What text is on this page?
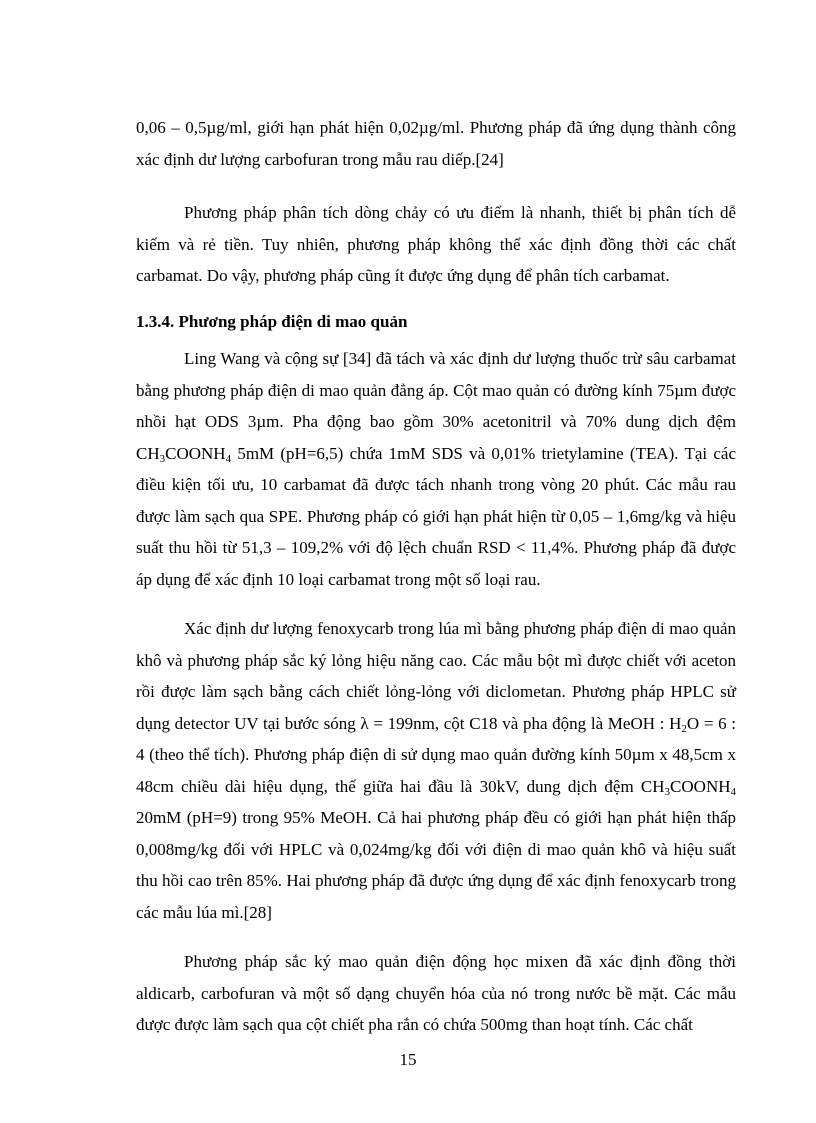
0,06 – 0,5µg/ml, giới hạn phát hiện 0,02µg/ml. Phương pháp đã ứng dụng thành công xác định dư lượng carbofuran trong mẫu rau diếp.[24]

Phương pháp phân tích dòng chảy có ưu điểm là nhanh, thiết bị phân tích dễ kiếm và rẻ tiền. Tuy nhiên, phương pháp không thể xác định đồng thời các chất carbamat. Do vậy, phương pháp cũng ít được ứng dụng để phân tích carbamat.

1.3.4. Phương pháp điện di mao quản

Ling Wang và cộng sự [34] đã tách và xác định dư lượng thuốc trừ sâu carbamat bằng phương pháp điện di mao quản đẳng áp. Cột mao quản có đường kính 75µm được nhồi hạt ODS 3µm. Pha động bao gồm 30% acetonitril và 70% dung dịch đệm $CH_3COONH_4$ 5mM (pH=6,5) chứa 1mM SDS và 0,01% trietylamine (TEA). Tại các điều kiện tối ưu, 10 carbamat đã được tách nhanh trong vòng 20 phút. Các mẫu rau được làm sạch qua SPE. Phương pháp có giới hạn phát hiện từ 0,05 – 1,6mg/kg và hiệu suất thu hồi từ 51,3 – 109,2% với độ lệch chuẩn RSD < 11,4%. Phương pháp đã được áp dụng để xác định 10 loại carbamat trong một số loại rau.

Xác định dư lượng fenoxycarb trong lúa mì bằng phương pháp điện di mao quản khô và phương pháp sắc ký lỏng hiệu năng cao. Các mẫu bột mì được chiết với aceton rồi được làm sạch bằng cách chiết lỏng-lỏng với diclometan. Phương pháp HPLC sử dụng detector UV tại bước sóng λ = 199nm, cột C18 và pha động là MeOH : $H_2O = 6$ : 4 (theo thể tích). Phương pháp điện di sử dụng mao quản đường kính 50µm x 48,5cm x 48cm chiều dài hiệu dụng, thế giữa hai đầu là 30kV, dung dịch đệm $CH_3COONH_4$ 20mM (pH=9) trong 95% MeOH. Cả hai phương pháp đều có giới hạn phát hiện thấp 0,008mg/kg đối với HPLC và 0,024mg/kg đối với điện di mao quản khô và hiệu suất thu hồi cao trên 85%. Hai phương pháp đã được ứng dụng để xác định fenoxycarb trong các mẫu lúa mì.[28]

Phương pháp sắc ký mao quản điện động học mixen đã xác định đồng thời aldicarb, carbofuran và một số dạng chuyển hóa của nó trong nước bề mặt. Các mẫu được được làm sạch qua cột chiết pha rắn có chứa 500mg than hoạt tính. Các chất

15
